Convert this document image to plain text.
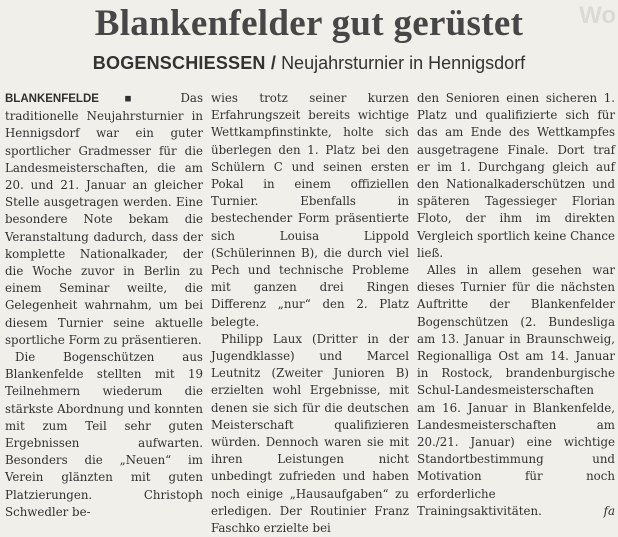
Wo
Blankenfelder gut gerüstet
BOGENSCHIESSEN / Neujahrsturnier in Hennigsdorf

BLANKENFELDE ■ Das traditionelle Neujahrsturnier in Hennigsdorf war ein guter sportlicher Gradmesser für die Landesmeisterschaften, die am 20. und 21. Januar an gleicher Stelle ausgetragen werden. Eine besondere Note bekam die Veranstaltung dadurch, dass der komplette Nationalkader, der die Woche zuvor in Berlin zu einem Seminar weilte, die Gelegenheit wahrnahm, um bei diesem Turnier seine aktuelle sportliche Form zu präsentieren.

Die Bogenschützen aus Blankenfelde stellten mit 19 Teilnehmern wiederum die stärkste Abordnung und konnten mit zum Teil sehr guten Ergebnissen aufwarten. Besonders die „Neuen“ im Verein glänzten mit guten Platzierungen. Christoph Schwedler be-

wies trotz seiner kurzen Erfahrungszeit bereits wichtige Wettkampfinstinkte, holte sich überlegen den 1. Platz bei den Schülern C und seinen ersten Pokal in einem offiziellen Turnier. Ebenfalls in bestechender Form präsentierte sich Louisa Lippold (Schülerinnen B), die durch viel Pech und technische Probleme mit ganzen drei Ringen Differenz „nur“ den 2. Platz belegte.

Philipp Laux (Dritter in der Jugendklasse) und Marcel Leutnitz (Zweiter Junioren B) erzielten wohl Ergebnisse, mit denen sie sich für die deutschen Meisterschaft qualifizieren würden. Dennoch waren sie mit ihren Leistungen nicht unbedingt zufrieden und haben noch einige „Hausaufgaben“ zu erledigen. Der Routinier Franz Faschko erzielte bei

den Senioren einen sicheren 1. Platz und qualifizierte sich für das am Ende des Wettkampfes ausgetragene Finale. Dort traf er im 1. Durchgang gleich auf den Nationalkaderschützen und späteren Tagessieger Florian Floto, der ihm im direkten Vergleich sportlich keine Chance ließ.

Alles in allem gesehen war dieses Turnier für die nächsten Auftritte der Blankenfelder Bogenschützen (2. Bundesliga am 13. Januar in Braunschweig, Regionalliga Ost am 14. Januar in Rostock, brandenburgische Schul-Landesmeisterschaften am 16. Januar in Blankenfelde, Landesmeisterschaften am 20./21. Januar) eine wichtige Standortbestimmung und Motivation für noch erforderliche Trainingsaktivitäten.	fa
